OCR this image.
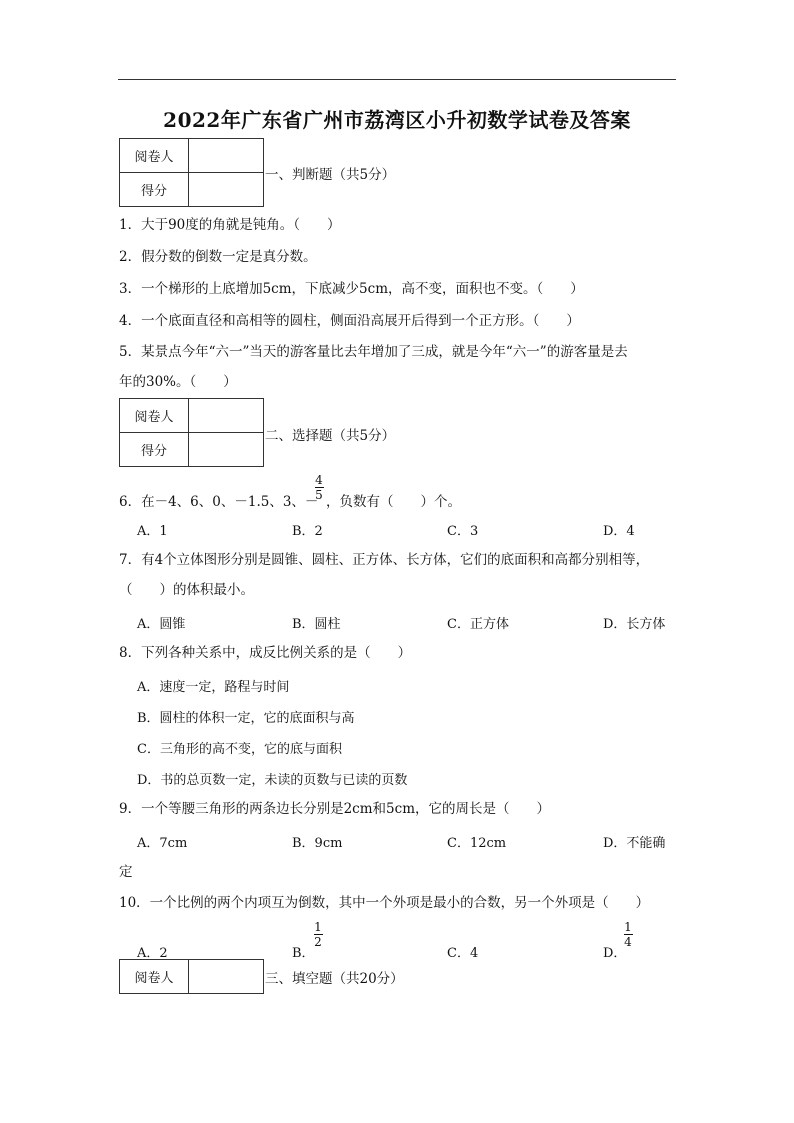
2022年广东省广州市荔湾区小升初数学试卷及答案
阅卷人	
得分	
一、判断题（共5分）
1．大于90度的角就是钝角。（　　）
2．假分数的倒数一定是真分数。
3．一个梯形的上底增加5cm，下底减少5cm，高不变，面积也不变。（　　）
4．一个底面直径和高相等的圆柱，侧面沿高展开后得到一个正方形。（　　）
5．某景点今年“六一”当天的游客量比去年增加了三成，就是今年“六一”的游客量是去
年的30%。（　　）
阅卷人	
得分	
二、选择题（共5分）
6．在－4、6、0、－1.5、3、－
4
5 ，负数有（　　）个。
A．1	B．2	C．3	D．4
7．有4个立体图形分别是圆锥、圆柱、正方体、长方体，它们的底面积和高都分别相等，
（　　）的体积最小。
A．圆锥	B．圆柱	C．正方体	D．长方体
8．下列各种关系中，成反比例关系的是（　　）
A．速度一定，路程与时间
B．圆柱的体积一定，它的底面积与高
C．三角形的高不变，它的底与面积
D．书的总页数一定，未读的页数与已读的页数
9．一个等腰三角形的两条边长分别是2cm和5cm，它的周长是（　　）
A．7cm	B．9cm	C．12cm	D．不能确
定
10．一个比例的两个内项互为倒数，其中一个外项是最小的合数，另一个外项是（　　）
A．2	B．
1
2
C．4	D．
1
4
阅卷人		三、填空题（共20分）
